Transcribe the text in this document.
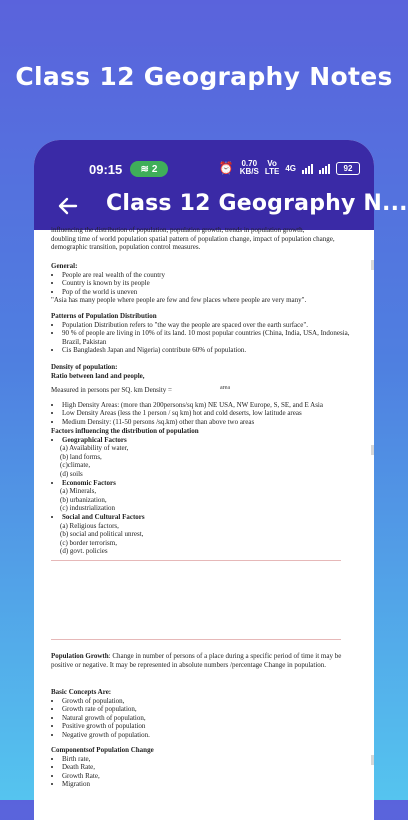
Class 12 Geography Notes
09:15 ≋ 2	⏰ 0.70
KB/S
Vo
LTE 4G	92
Class 12 Geography N...

influencing the distribution of population, population growth, trends in population growth,

doubling time of world population spatial pattern of population change, impact of population change, demographic transition, population control measures.

General:

• People are real wealth of the country
• Country is known by its people
• Pop of the world is uneven

"Asia has many people where people are few and few places where people are very many".

Patterns of Population Distribution

• Population Distribution refers to "the way the people are spaced over the earth surface".
• 90 % of people are living in 10% of its land. 10 most popular countries (China, India, USA, Indonesia, Brazil, Pakistan
• Cis Bangladesh Japan and Nigeria) contribute 60% of population.

Density of population:

Ratio between land and people,

Measured in persons per SQ. km Density =

• High Density Areas: (more than 200persons/sq km) NE USA, NW Europe, S, SE, and E Asia
• Low Density Areas (less the 1 person / sq km) hot and cold deserts, low latitude areas
• Medium Density: (11-50 persons /sq.km) other than above two areas
area

Factors influencing the distribution of population

• Geographical Factors

(a) Availability of water,

(b) land forms,

(c)climate,

(d) soils

• Economic Factors

(a) Minerals,

(b) urbanization,

(c) industrialization

• Social and Cultural Factors

(a) Religious factors,

(b) social and political unrest,

(c) border terrorism,

(d) govt. policies

Population Growth: Change in number of persons of a place during a specific period of time it may be positive or negative. It may be represented in absolute numbers /percentage Change in population.

Basic Concepts Are:

• Growth of population,
• Growth rate of population,
• Natural growth of population,
• Positive growth of population
• Negative growth of population.

Componentsof Population Change

• Birth rate,
• Death Rate,
• Growth Rate,
• Migration
